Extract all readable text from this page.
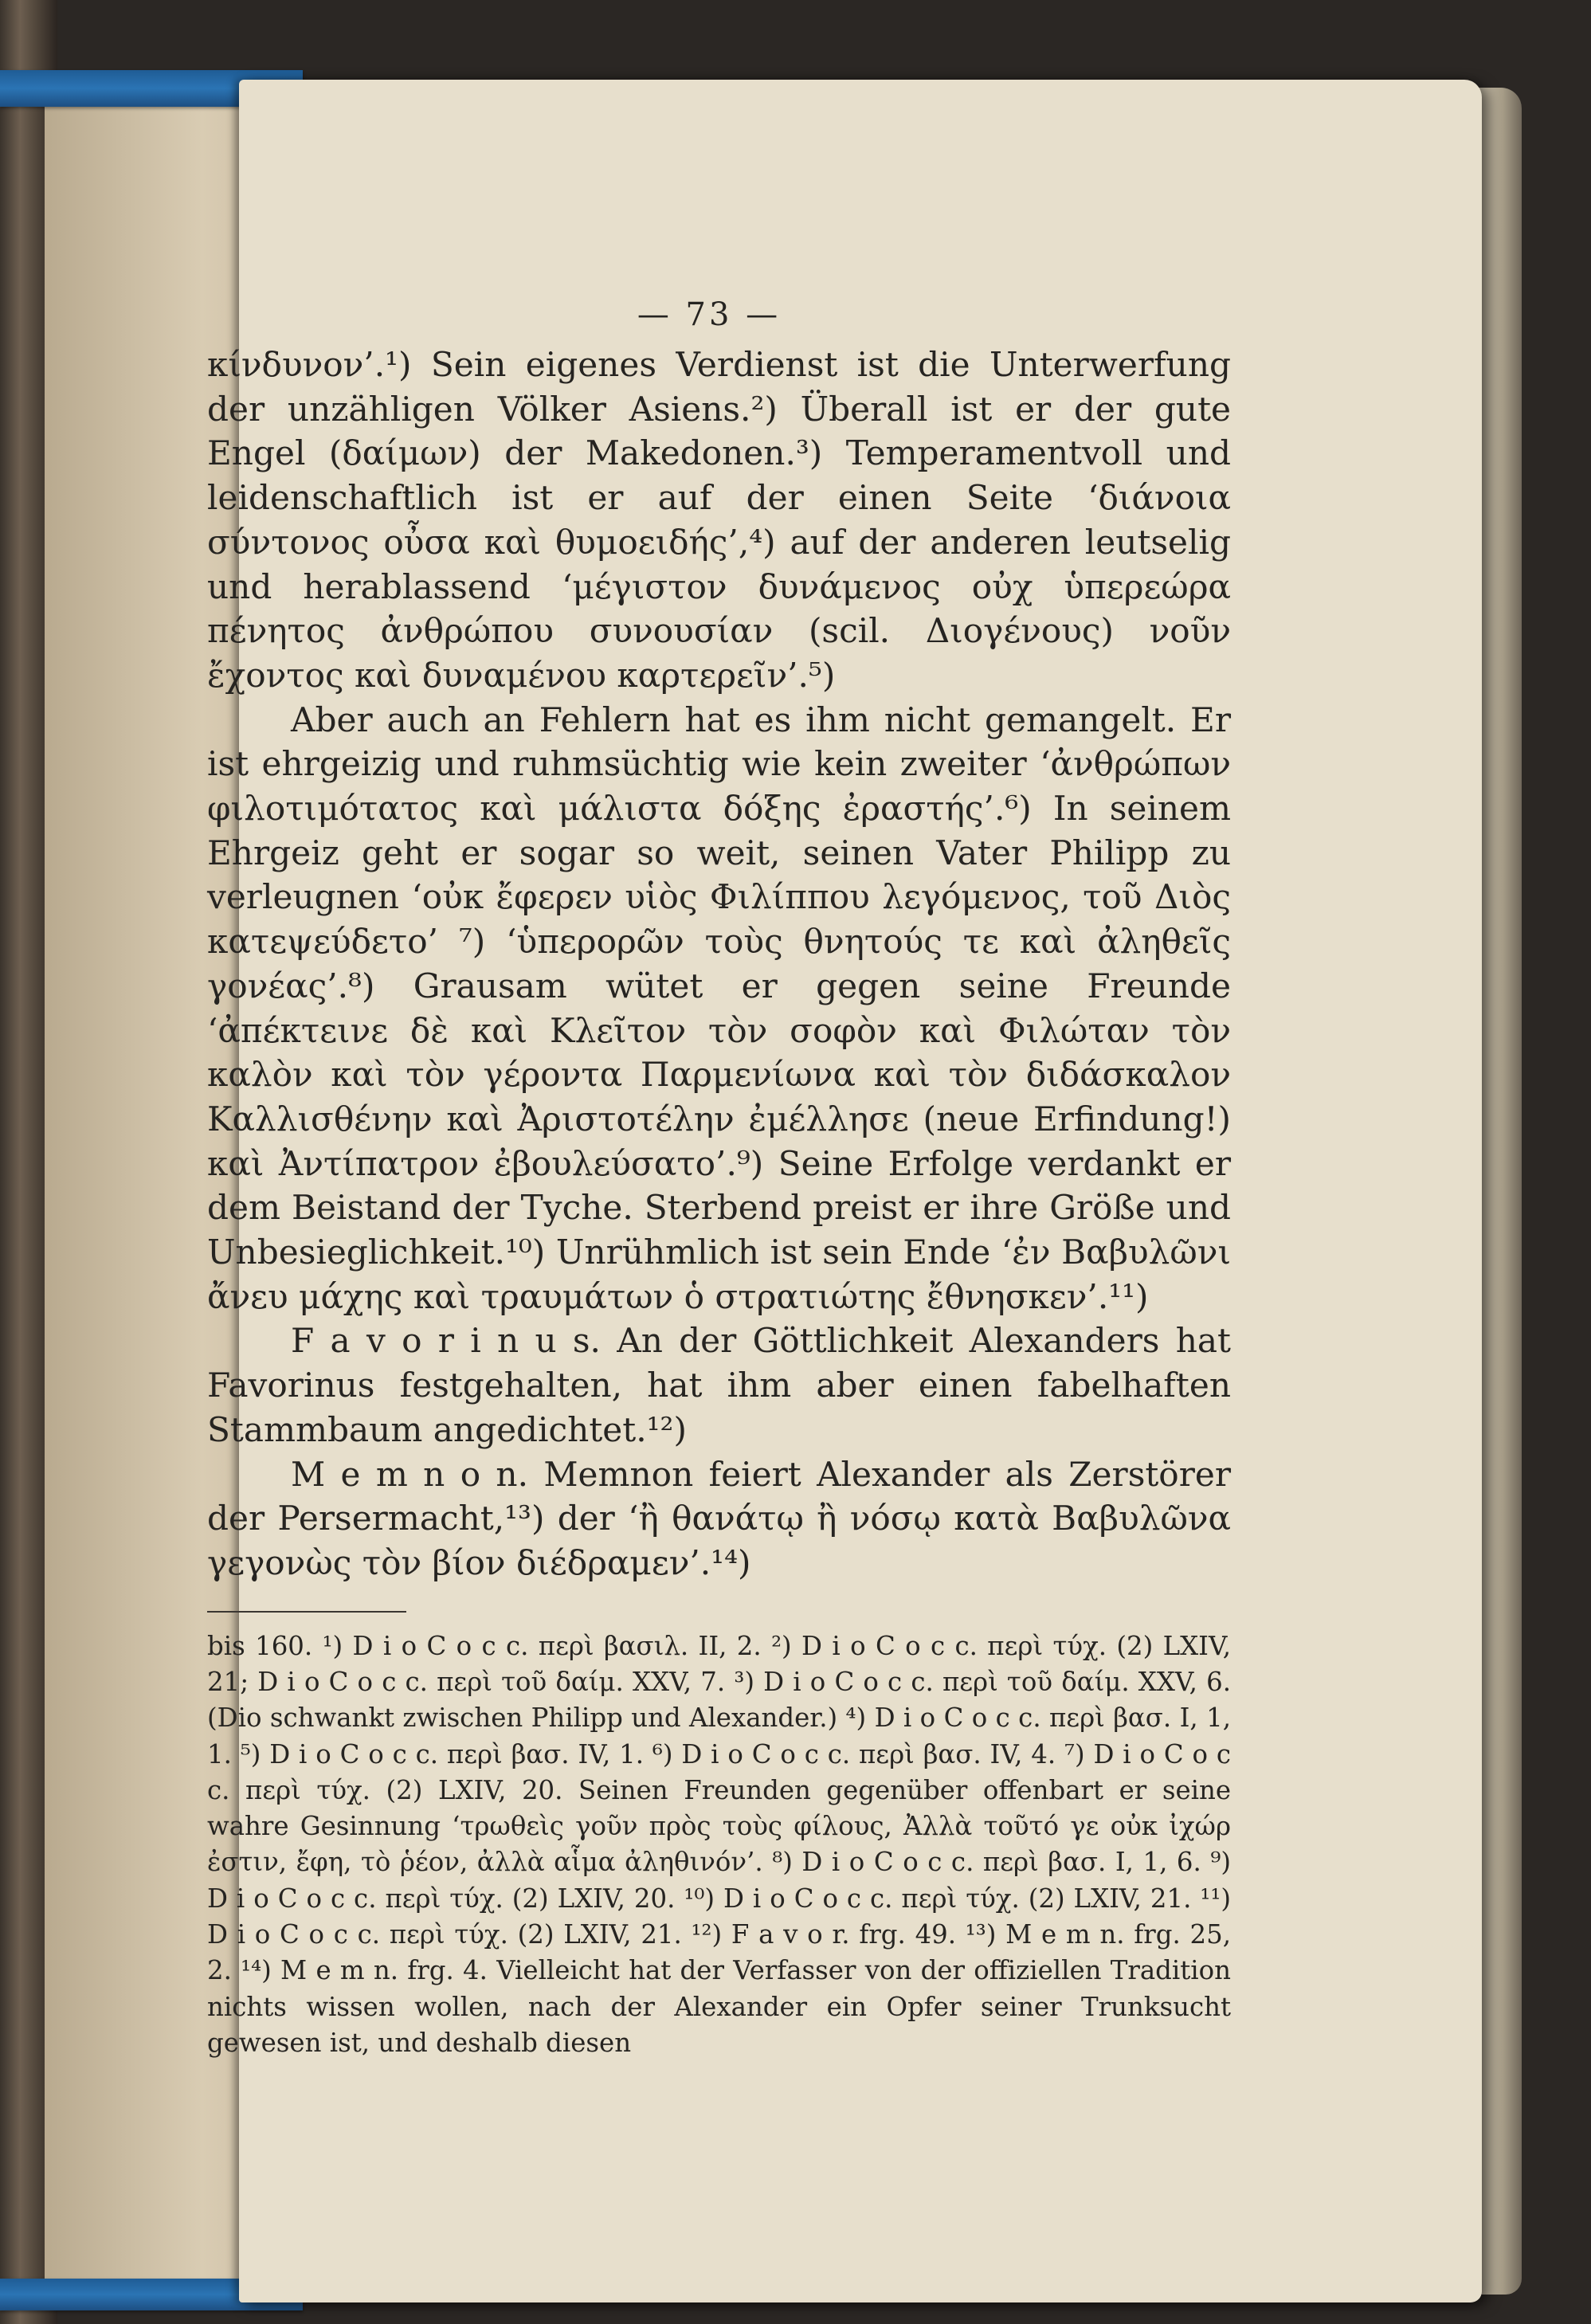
— 73 —

κίνδυνον’.¹) Sein eigenes Verdienst ist die Unterwerfung der unzähligen Völker Asiens.²) Überall ist er der gute Engel (δαίμων) der Makedonen.³) Temperamentvoll und leidenschaftlich ist er auf der einen Seite ‘διάνοια σύντονος οὖσα καὶ θυμοειδής’,⁴) auf der anderen leutselig und herablassend ‘μέγιστον δυνάμενος οὐχ ὑπερεώρα πένητος ἀνθρώπου συνουσίαν (scil. Διογένους) νοῦν ἔχοντος καὶ δυναμένου καρτερεῖν’.⁵)

Aber auch an Fehlern hat es ihm nicht gemangelt. Er ist ehrgeizig und ruhmsüchtig wie kein zweiter ‘ἀνθρώπων φιλοτιμότατος καὶ μάλιστα δόξης ἐραστής’.⁶) In seinem Ehrgeiz geht er sogar so weit, seinen Vater Philipp zu verleugnen ‘οὐκ ἔφερεν υἱὸς Φιλίππου λεγόμενος, τοῦ Διὸς κατεψεύδετο’ ⁷) ‘ὑπερορῶν τοὺς θνητούς τε καὶ ἀληθεῖς γονέας’.⁸) Grausam wütet er gegen seine Freunde ‘ἀπέκτεινε δὲ καὶ Κλεῖτον τὸν σοφὸν καὶ Φιλώταν τὸν καλὸν καὶ τὸν γέροντα Παρμενίωνα καὶ τὸν διδάσκαλον Καλλισθένην καὶ Ἀριστοτέλην ἐμέλλησε (neue Erfindung!) καὶ Ἀντίπατρον ἐβουλεύσατο’.⁹) Seine Erfolge verdankt er dem Beistand der Tyche. Sterbend preist er ihre Größe und Unbesieglichkeit.¹⁰) Unrühmlich ist sein Ende ‘ἐν Βαβυλῶνι ἄνευ μάχης καὶ τραυμάτων ὁ στρατιώτης ἔθνησκεν’.¹¹)

F a v o r i n u s. An der Göttlichkeit Alexanders hat Favorinus festgehalten, hat ihm aber einen fabelhaften Stammbaum angedichtet.¹²)

M e m n o n. Memnon feiert Alexander als Zerstörer der Persermacht,¹³) der ‘ἢ θανάτῳ ἢ νόσῳ κατὰ Βαβυλῶνα γεγονὼς τὸν βίον διέδραμεν’.¹⁴)

bis 160. ¹) D i o C o c c. περὶ βασιλ. II, 2. ²) D i o C o c c. περὶ τύχ. (2) LXIV, 21; D i o C o c c. περὶ τοῦ δαίμ. XXV, 7. ³) D i o C o c c. περὶ τοῦ δαίμ. XXV, 6. (Dio schwankt zwischen Philipp und Alexander.) ⁴) D i o C o c c. περὶ βασ. I, 1, 1. ⁵) D i o C o c c. περὶ βασ. IV, 1. ⁶) D i o C o c c. περὶ βασ. IV, 4. ⁷) D i o C o c c. περὶ τύχ. (2) LXIV, 20. Seinen Freunden gegenüber offenbart er seine wahre Gesinnung ‘τρωθεὶς γοῦν πρὸς τοὺς φίλους, Ἀλλὰ τοῦτό γε οὐκ ἰχώρ ἐστιν, ἔφη, τὸ ῥέον, ἀλλὰ αἷμα ἀληθινόν’. ⁸) D i o C o c c. περὶ βασ. I, 1, 6. ⁹) D i o C o c c. περὶ τύχ. (2) LXIV, 20. ¹⁰) D i o C o c c. περὶ τύχ. (2) LXIV, 21. ¹¹) D i o C o c c. περὶ τύχ. (2) LXIV, 21. ¹²) F a v o r. frg. 49. ¹³) M e m n. frg. 25, 2. ¹⁴) M e m n. frg. 4. Vielleicht hat der Verfasser von der offiziellen Tradition nichts wissen wollen, nach der Alexander ein Opfer seiner Trunksucht gewesen ist, und deshalb diesen
